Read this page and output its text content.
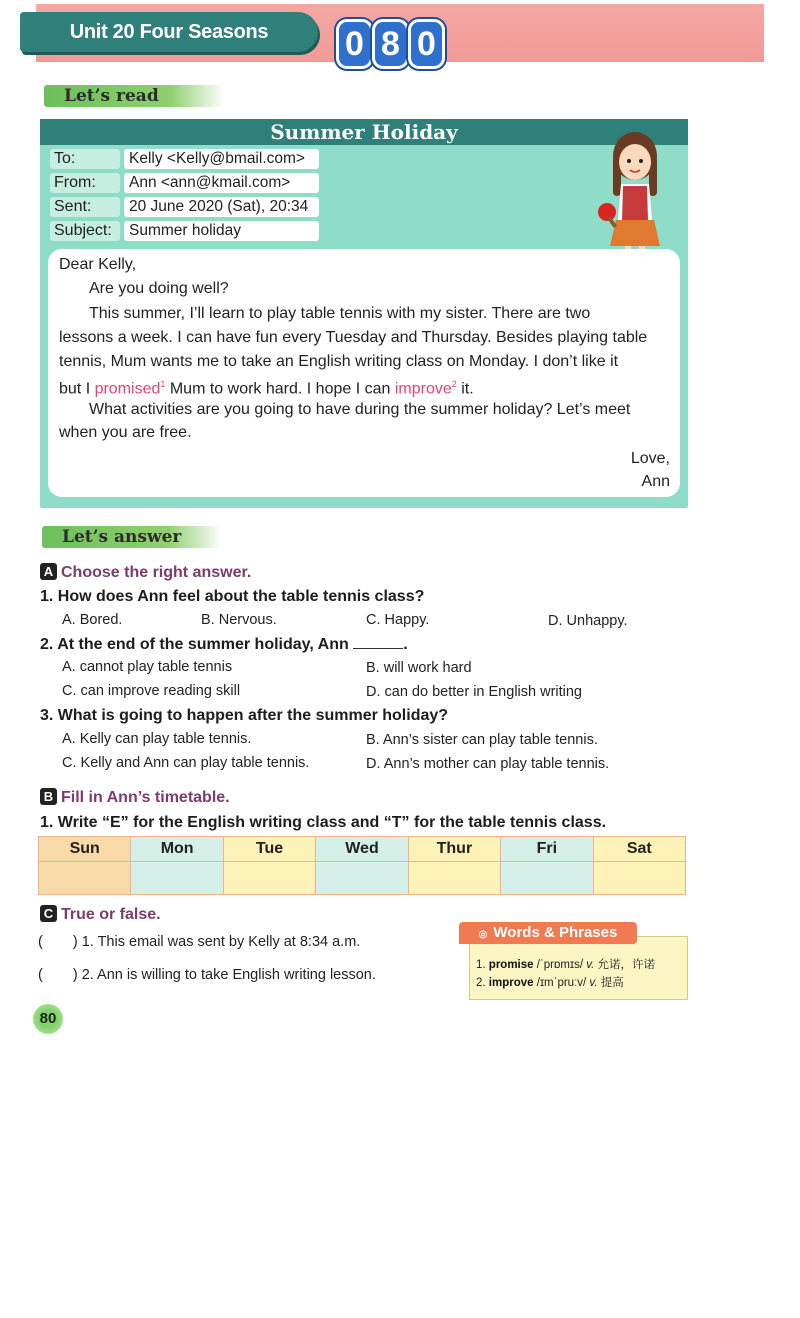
Unit 20 Four Seasons	0 8 0
Let’s read
Summer Holiday
To:	Kelly <Kelly@bmail.com>
From:	Ann <ann@kmail.com>
Sent:	20 June 2020 (Sat), 20:34
Subject:	Summer holiday
Dear Kelly,
Are you doing well?
This summer, I’ll learn to play table tennis with my sister. There are two
lessons a week. I can have fun every Tuesday and Thursday. Besides playing table
tennis, Mum wants me to take an English writing class on Monday. I don’t like it
but I promised$^1$ Mum to work hard. I hope I can improve$^2$ it.
What activities are you going to have during the summer holiday? Let’s meet
when you are free.
Love,
Ann
Let’s answer
A Choose the right answer.
1. How does Ann feel about the table tennis class?
A. Bored.	B. Nervous.	C. Happy.	D. Unhappy.
2. At the end of the summer holiday, Ann	.
A. cannot play table tennis	B. will work hard
C. can improve reading skill	D. can do better in English writing
3. What is going to happen after the summer holiday?
A. Kelly can play table tennis.	B. Ann’s sister can play table tennis.
C. Kelly and Ann can play table tennis.	D. Ann’s mother can play table tennis.
B Fill in Ann’s timetable.
1. Write “E” for the English writing class and “T” for the table tennis class.
Sun	Mon	Tue	Wed	Thur	Fri	Sat

C True or false.
( ) 1. This email was sent by Kelly at 8:34 a.m.
( ) 2. Ann is willing to take English writing lesson.
◎ Words & Phrases
1. promise /ˈprɒmɪs/ v. 允诺，许诺
2. improve /ɪmˈpruːv/ v. 提高
80
